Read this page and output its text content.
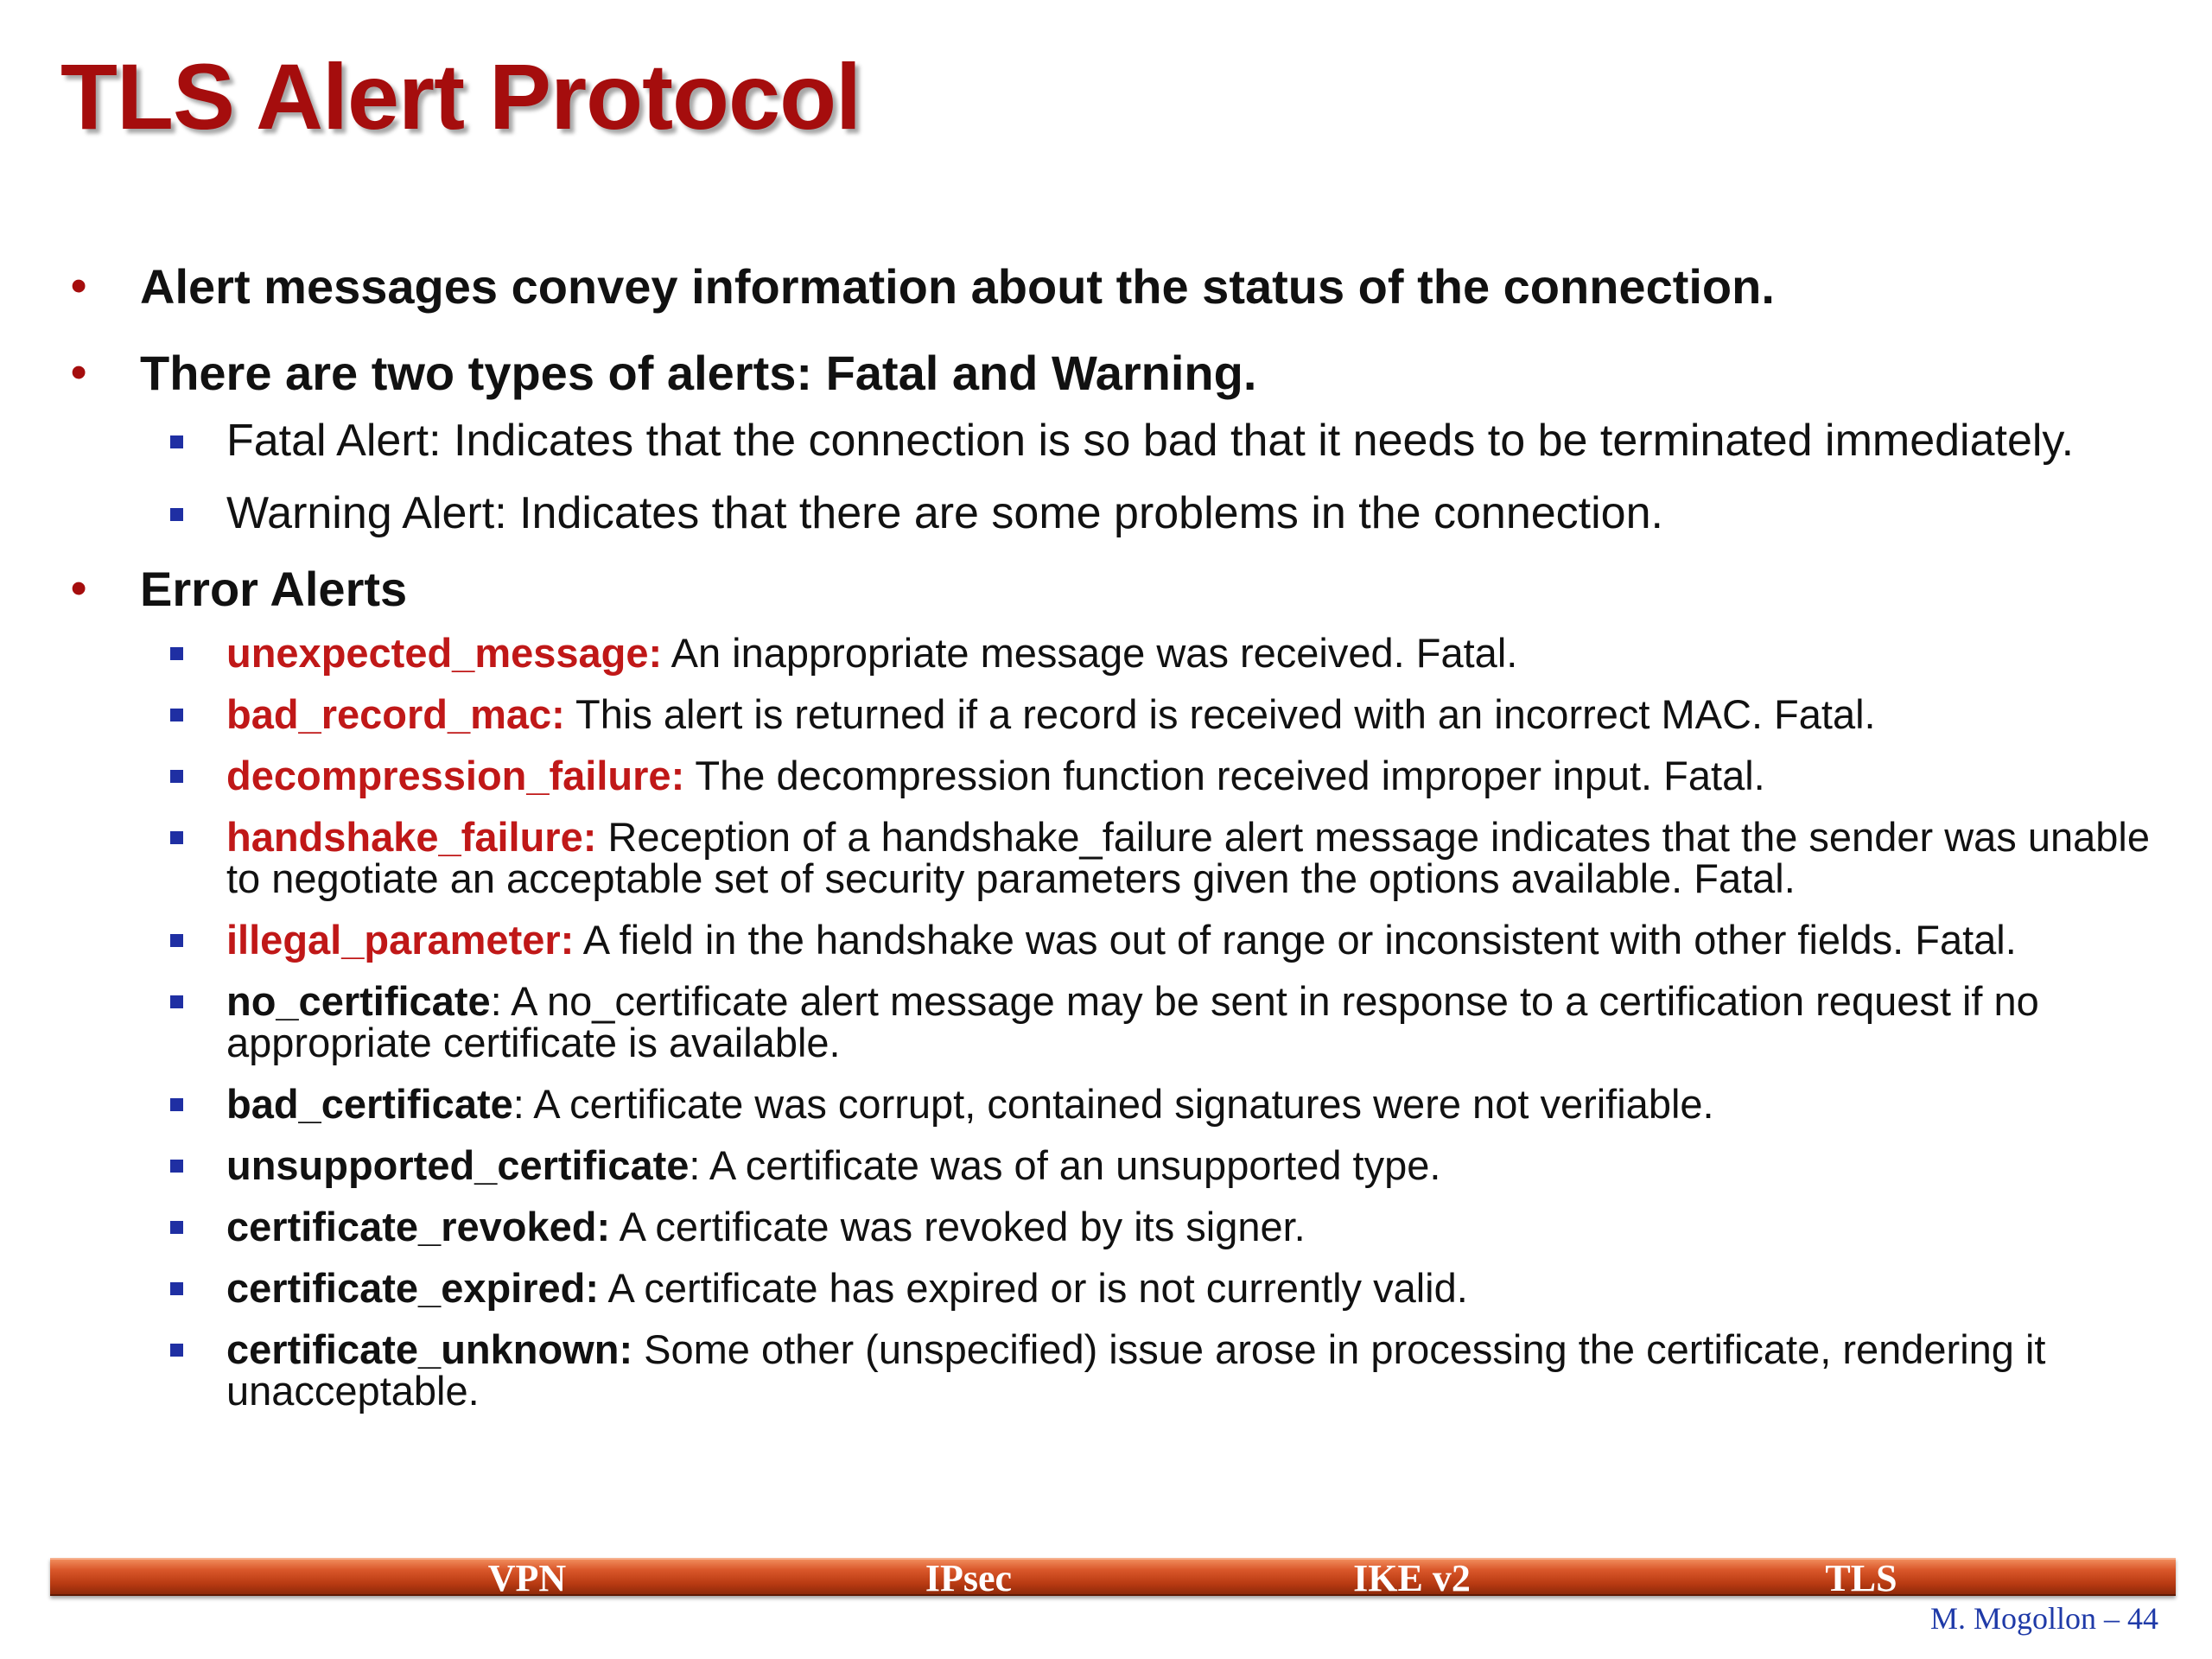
TLS Alert Protocol
• Alert messages convey information about the status of the connection.
• There are two types of alerts: Fatal and Warning.
Fatal Alert: Indicates that the connection is so bad that it needs to be terminated immediately.
Warning Alert: Indicates that there are some problems in the connection.
• Error Alerts
unexpected_message: An inappropriate message was received. Fatal.
bad_record_mac: This alert is returned if a record is received with an incorrect MAC. Fatal.
decompression_failure: The decompression function received improper input. Fatal.
handshake_failure: Reception of a handshake_failure alert message indicates that the sender was unable to negotiate an acceptable set of security parameters given the options available. Fatal.
illegal_parameter: A field in the handshake was out of range or inconsistent with other fields. Fatal.
no_certificate: A no_certificate alert message may be sent in response to a certification request if no appropriate certificate is available.
bad_certificate: A certificate was corrupt, contained signatures were not verifiable.
unsupported_certificate: A certificate was of an unsupported type.
certificate_revoked: A certificate was revoked by its signer.
certificate_expired: A certificate has expired or is not currently valid.
certificate_unknown: Some other (unspecified) issue arose in processing the certificate, rendering it unacceptable.
VPN	IPsec	IKE v2	TLS
M. Mogollon – 44
